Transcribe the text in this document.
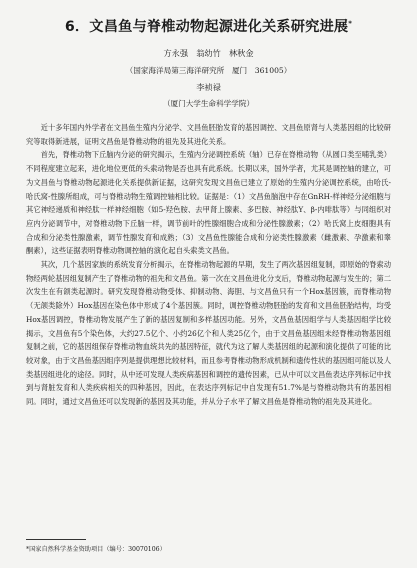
6．文昌鱼与脊椎动物起源进化关系研究进展*
方永强　翁幼竹　林秋金
（国家海洋局第三海洋研究所　厦门　361005）
李祯禄
（厦门大学生命科学学院）

近十多年国内外学者在文昌鱼生殖内分泌学、文昌鱼胚胎发育的基因调控、文昌鱼原肾与人类基因组的比较研究等取得新进展，证明文昌鱼是脊椎动物的祖先及其进化关系。

首先，脊椎动物下丘脑内分泌的研究揭示，生殖内分泌调控系统（轴）已存在脊椎动物（从圆口类至哺乳类）不同程度建立起来，进化地位更低的头索动物是否也具有此系统。长期以来，国外学者，尤其是调控轴的建立，可为文昌鱼与脊椎动物起源进化关系提供新证据，这研究发现文昌鱼已建立了原始的生殖内分泌调控系统，由哈氏-哈氏窝-性腺所组成，可与脊椎动物生殖调控轴相比较。证据是：（1）文昌鱼脑泡中存在GnRH-样神经分泌细胞与其它神经递质和神经肽一样神经细胞（如5-羟色胺、去甲肾上腺素、多巴胺、神经肽Y、β-内啡肽等）与同组织对应内分泌调节中，对脊椎动物下丘脑一样，调节前叶的性腺细胞合成和分泌性腺激素；（2）哈氏窝上皮细胞具有合成和分泌类性腺激素，调节性腺发育和成熟；（3）文昌鱼性腺能合成和分泌类性腺激素（雌激素、孕激素和睾酮素），这些证据表明脊椎动物调控轴的演化起自头索类文昌鱼。

其次，几个基因家族的系统发育分析揭示，在脊椎动物起源的早期，发生了两次基因组复制，即原始的脊索动物经两轮基因组复制产生了脊椎动物的祖先和文昌鱼。第一次在文昌鱼进化分支后，脊椎动物起源与发生的；第二次发生在有颌类起源时。研究发现脊椎动物受体、抑制动物、海胆、与文昌鱼只有一个Hox基因簇，而脊椎动物（无颌类除外）Hox基因在染色体中形成了4个基因簇。同时，调控脊椎动物胚胎的发育和文昌鱼胚胎结构，均受Hox基因调控，脊椎动物发展产生了新的基因复制和多样基因功能。另外，文昌鱼基因组学与人类基因组学比较揭示，文昌鱼有5个染色体，大约27.5亿个、小约26亿个和人类25亿个，由于文昌鱼基因组未经脊椎动物基因组复制之前，它的基因组保存脊椎动物血统共先的基因特征，就代为这了解人类基因组的起源和演化提供了可能的比较对象，由于文昌鱼基因组序列是提供理想比较材料，而且参考脊椎动物形成机制和遗传性状的基因组可能以及人类基因组进化的途径。同时，从中还可发现人类疾病基因和调控的遗传因素，已从中可以文昌鱼表达序列标记中找到与肾脏发育和人类疾病相关的四种基因，因此，在表达序列标记中自发现有51.7%是与脊椎动物共有的基因相同。同时，通过文昌鱼还可以发现新的基因及其功能，并从分子水平了解文昌鱼是脊椎动物的祖先及其进化。

*国家自然科学基金资助项目（编号：30070106）
